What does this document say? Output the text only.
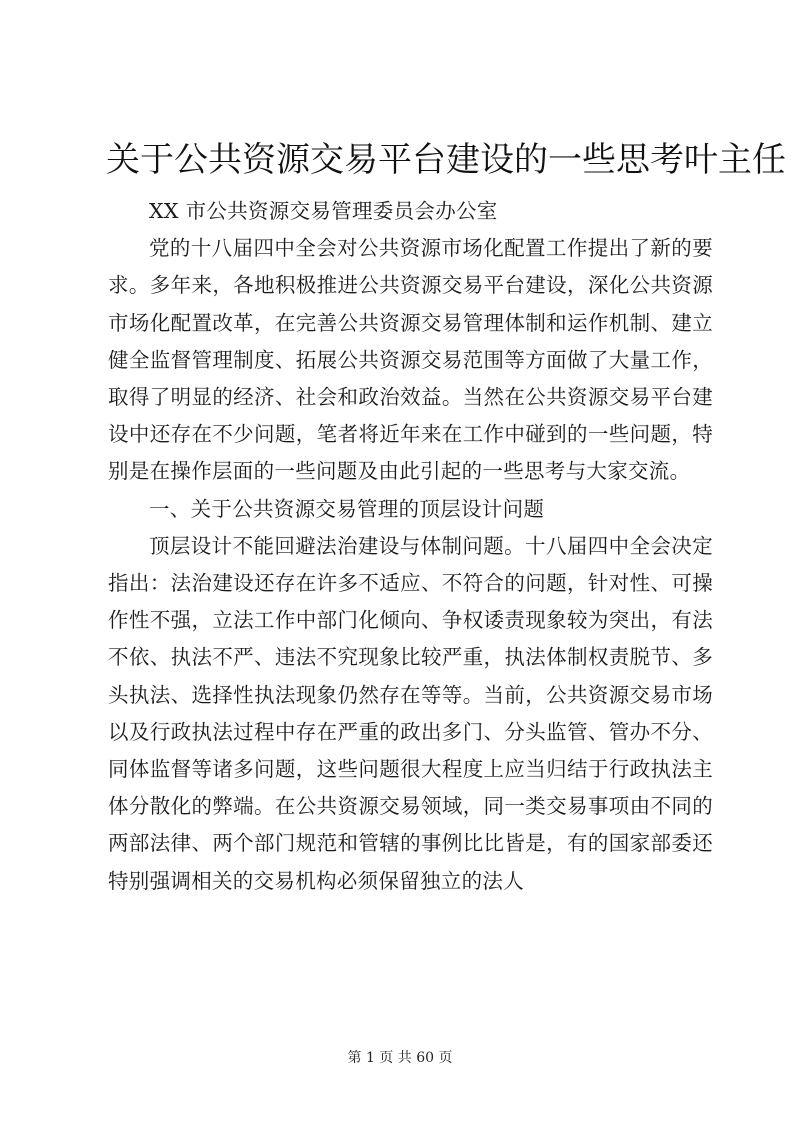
关于公共资源交易平台建设的一些思考叶主任

XX 市公共资源交易管理委员会办公室

党的十八届四中全会对公共资源市场化配置工作提出了新的要求。多年来，各地积极推进公共资源交易平台建设，深化公共资源市场化配置改革，在完善公共资源交易管理体制和运作机制、建立健全监督管理制度、拓展公共资源交易范围等方面做了大量工作，取得了明显的经济、社会和政治效益。当然在公共资源交易平台建设中还存在不少问题，笔者将近年来在工作中碰到的一些问题，特别是在操作层面的一些问题及由此引起的一些思考与大家交流。

一、关于公共资源交易管理的顶层设计问题

顶层设计不能回避法治建设与体制问题。十八届四中全会决定指出：法治建设还存在许多不适应、不符合的问题，针对性、可操作性不强，立法工作中部门化倾向、争权诿责现象较为突出，有法不依、执法不严、违法不究现象比较严重，执法体制权责脱节、多头执法、选择性执法现象仍然存在等等。当前，公共资源交易市场以及行政执法过程中存在严重的政出多门、分头监管、管办不分、同体监督等诸多问题，这些问题很大程度上应当归结于行政执法主体分散化的弊端。在公共资源交易领域，同一类交易事项由不同的两部法律、两个部门规范和管辖的事例比比皆是，有的国家部委还特别强调相关的交易机构必须保留独立的法人

第 1 页 共 60 页
